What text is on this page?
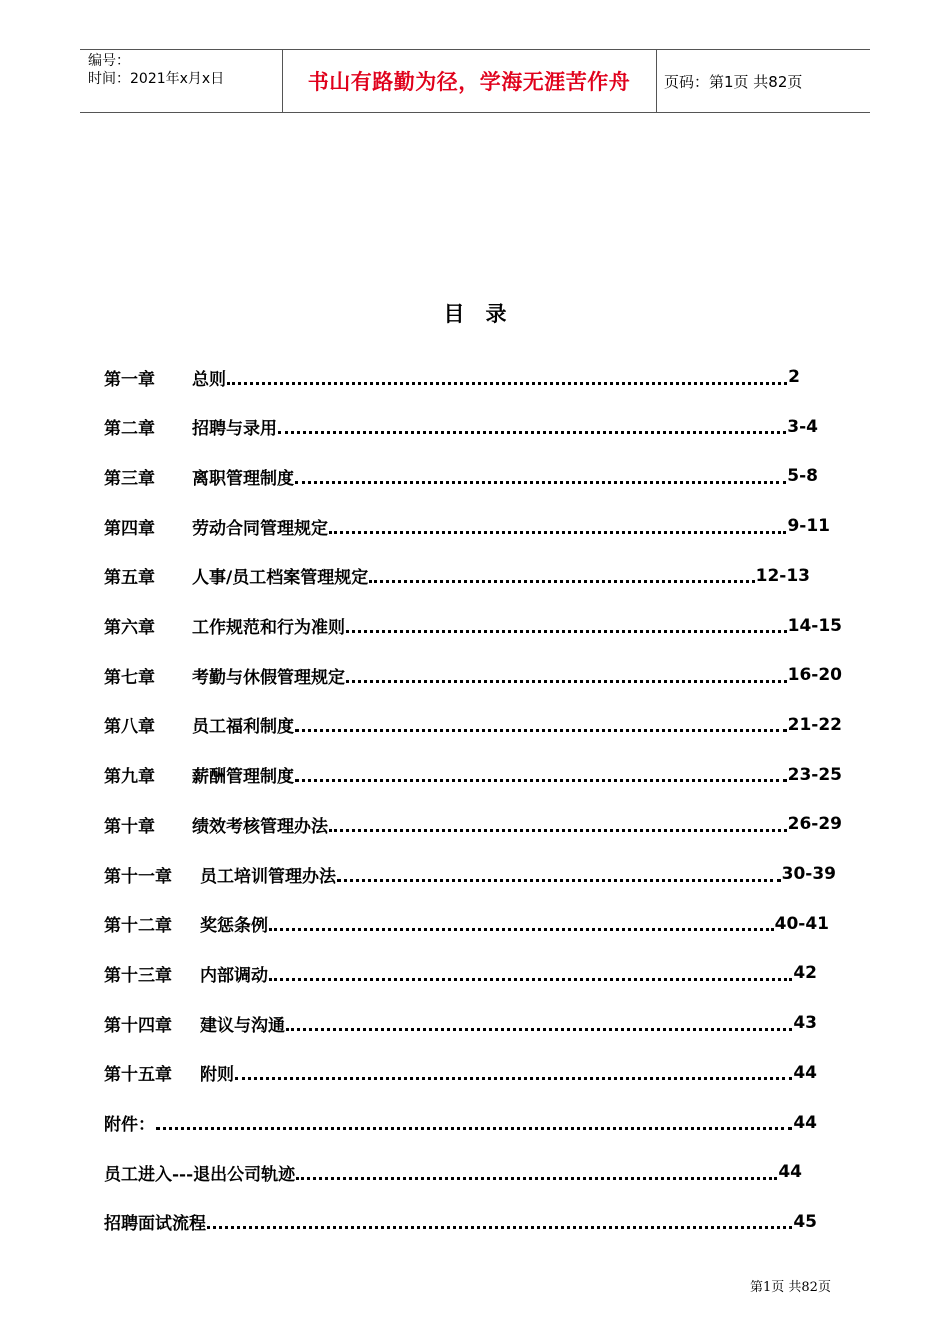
编号：
时间：2021年x月x日	书山有路勤为径，学海无涯苦作舟	页码：第1页 共82页
目　录
第一章 总则	2
第二章 招聘与录用	3-4
第三章 离职管理制度	5-8
第四章 劳动合同管理规定	9-11
第五章 人事/员工档案管理规定	12-13
第六章 工作规范和行为准则	14-15
第七章 考勤与休假管理规定	16-20
第八章 员工福利制度	21-22
第九章 薪酬管理制度	23-25
第十章 绩效考核管理办法	26-29
第十一章 员工培训管理办法	30-39
第十二章 奖惩条例	40-41
第十三章 内部调动	42
第十四章 建议与沟通	43
第十五章 附则	44
附件：	44
员工进入---退出公司轨迹	44
招聘面试流程	45
第1页 共82页
